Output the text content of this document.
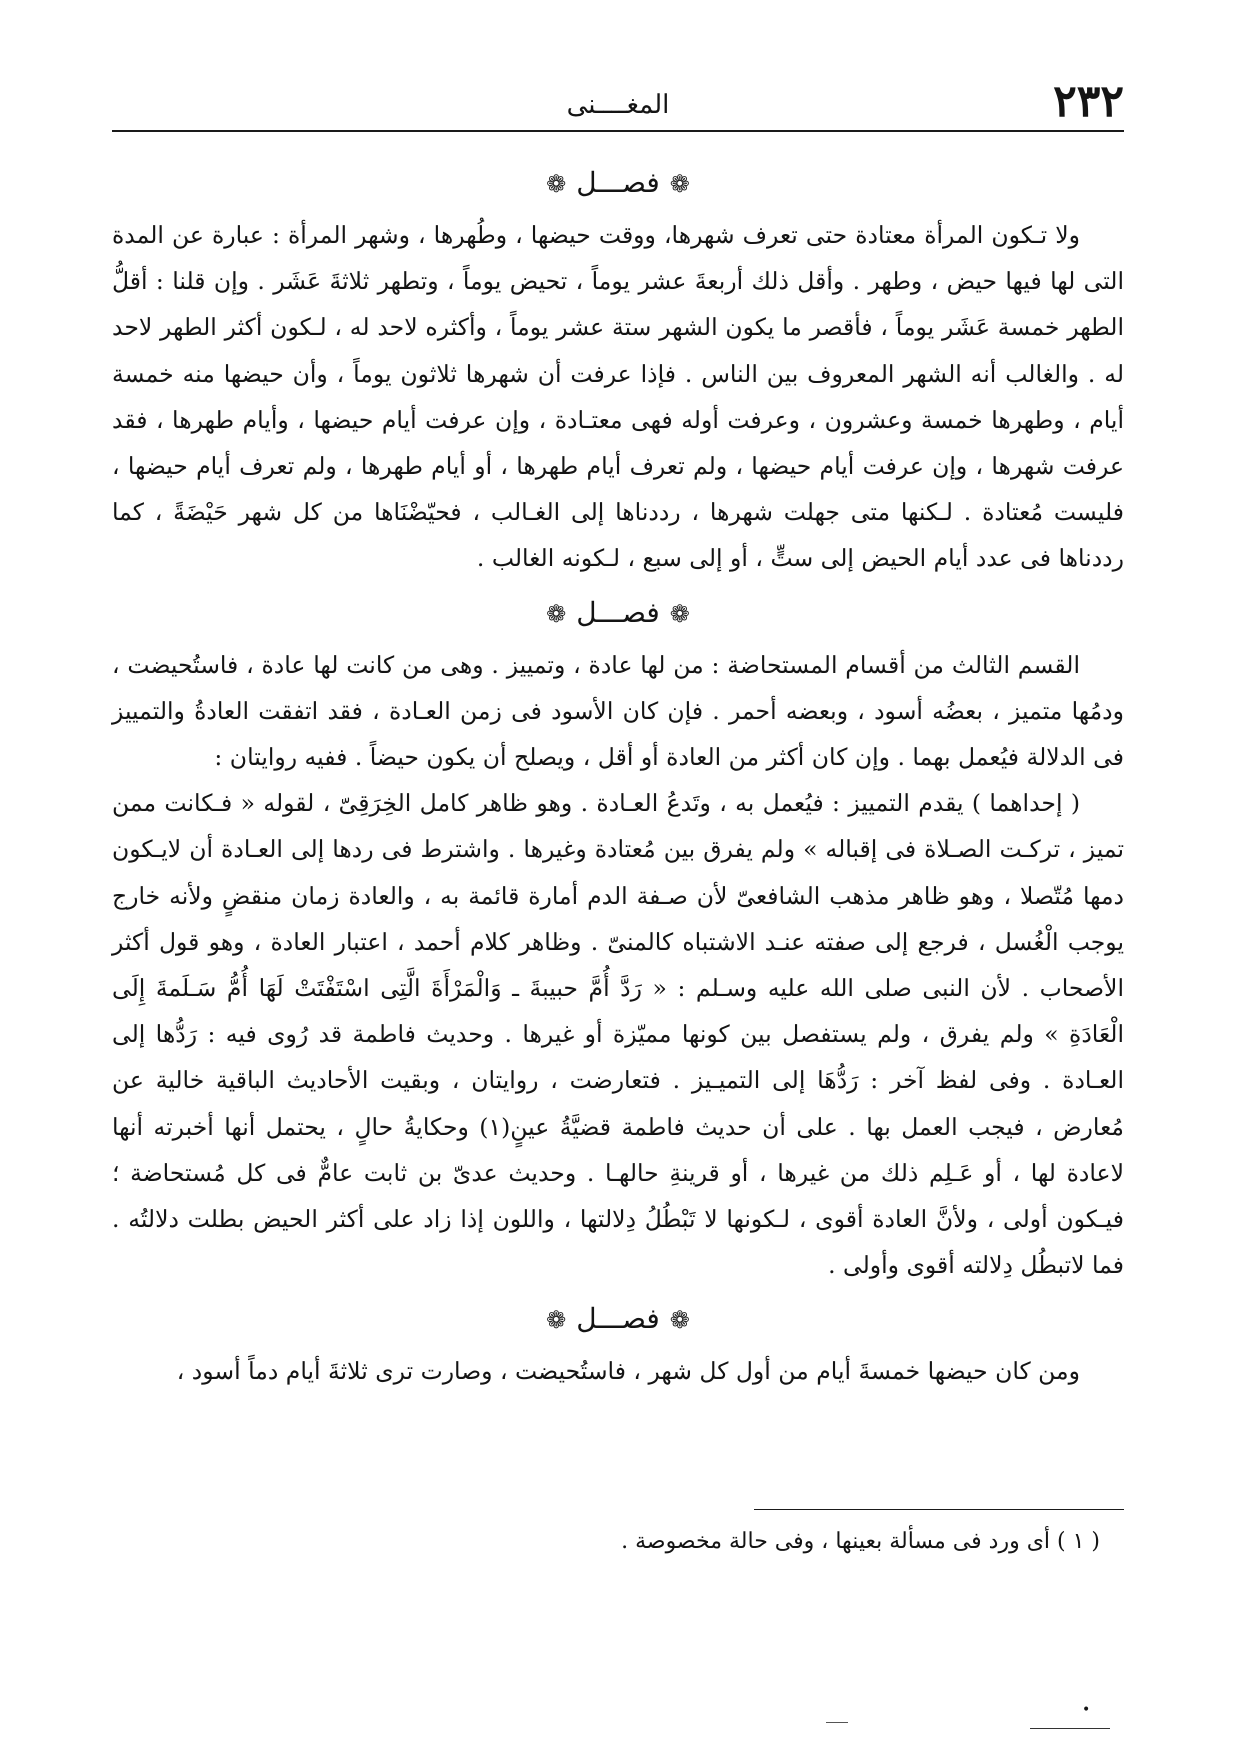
٢٣٢
المغــــنى
❁فصـــل❁

ولا تـكون المرأة معتادة حتى تعرف شهرها، ووقت حيضها ، وطُهرها ، وشهر المرأة : عبارة عن المدة التى لها فيها حيض ، وطهر . وأقل ذلك أربعةَ عشر يوماً ، تحيض يوماً ، وتطهر ثلاثةَ عَشَر . وإن قلنا : أقلُّ الطهر خمسة عَشَر يوماً ، فأقصر ما يكون الشهر ستة عشر يوماً ، وأكثره لاحد له ، لـكون أكثر الطهر لاحد له . والغالب أنه الشهر المعروف بين الناس . فإذا عرفت أن شهرها ثلاثون يوماً ، وأن حيضها منه خمسة أيام ، وطهرها خمسة وعشرون ، وعرفت أوله فهى معتـادة ، وإن عرفت أيام حيضها ، وأيام طهرها ، فقد عرفت شهرها ، وإن عرفت أيام حيضها ، ولم تعرف أيام طهرها ، أو أيام طهرها ، ولم تعرف أيام حيضها ، فليست مُعتادة . لـكنها متى جهلت شهرها ، رددناها إلى الغـالب ، فحيّضْنَاها من كل شهر حَيْضَةً ، كما رددناها فى عدد أيام الحيض إلى ستٍّ ، أو إلى سبع ، لـكونه الغالب .

❁فصـــل❁

القسم الثالث من أقسام المستحاضة : من لها عادة ، وتمييز . وهى من كانت لها عادة ، فاستُحيضت ، ودمُها متميز ، بعضُه أسود ، وبعضه أحمر . فإن كان الأسود فى زمن العـادة ، فقد اتفقت العادةُ والتمييز فى الدلالة فيُعمل بهما . وإن كان أكثر من العادة أو أقل ، ويصلح أن يكون حيضاً . ففيه روايتان :

( إحداهما ) يقدم التمييز : فيُعمل به ، وتَدعُ العـادة . وهو ظاهر كامل الخِرَقِىّ ، لقوله « فـكانت ممن تميز ، تركـت الصـلاة فى إقباله » ولم يفرق بين مُعتادة وغيرها . واشترط فى ردها إلى العـادة أن لايـكون دمها مُتّصلا ، وهو ظاهر مذهب الشافعىّ لأن صـفة الدم أمارة قائمة به ، والعادة زمان منقضٍ ولأنه خارج يوجب الْغُسل ، فرجع إلى صفته عنـد الاشتباه كالمنىّ . وظاهر كلام أحمد ، اعتبار العادة ، وهو قول أكثر الأصحاب . لأن النبى صلى الله عليه وسـلم : « رَدَّ أُمَّ حبيبةَ ـ وَالْمَرْأَةَ الَّتِى اسْتَفْتَتْ لَهَا أُمُّ سَـلَمةَ إِلَى الْعَادَةِ » ولم يفرق ، ولم يستفصل بين كونها مميّزة أو غيرها . وحديث فاطمة قد رُوى فيه : رَدُّها إلى العـادة . وفى لفظ آخر : رَدُّهَا إلى التميـيز . فتعارضت ، روايتان ، وبقيت الأحاديث الباقية خالية عن مُعارض ، فيجب العمل بها . على أن حديث فاطمة قضيَّةُ عينٍ(١) وحكايةُ حالٍ ، يحتمل أنها أخبرته أنها لاعادة لها ، أو عَـلِم ذلك من غيرها ، أو قرينةِ حالهـا . وحديث عدىّ بن ثابت عامٌّ فى كل مُستحاضة ؛ فيـكون أولى ، ولأنَّ العادة أقوى ، لـكونها لا تَبْطُلُ دِلالتها ، واللون إذا زاد على أكثر الحيض بطلت دلالتُه . فما لاتبطُل دِلالته أقوى وأولى .

❁فصـــل❁

ومن كان حيضها خمسةَ أيام من أول كل شهر ، فاستُحيضت ، وصارت ترى ثلاثةَ أيام دماً أسود ،

( ١ ) أى ورد فى مسألة بعينها ، وفى حالة مخصوصة .
•
